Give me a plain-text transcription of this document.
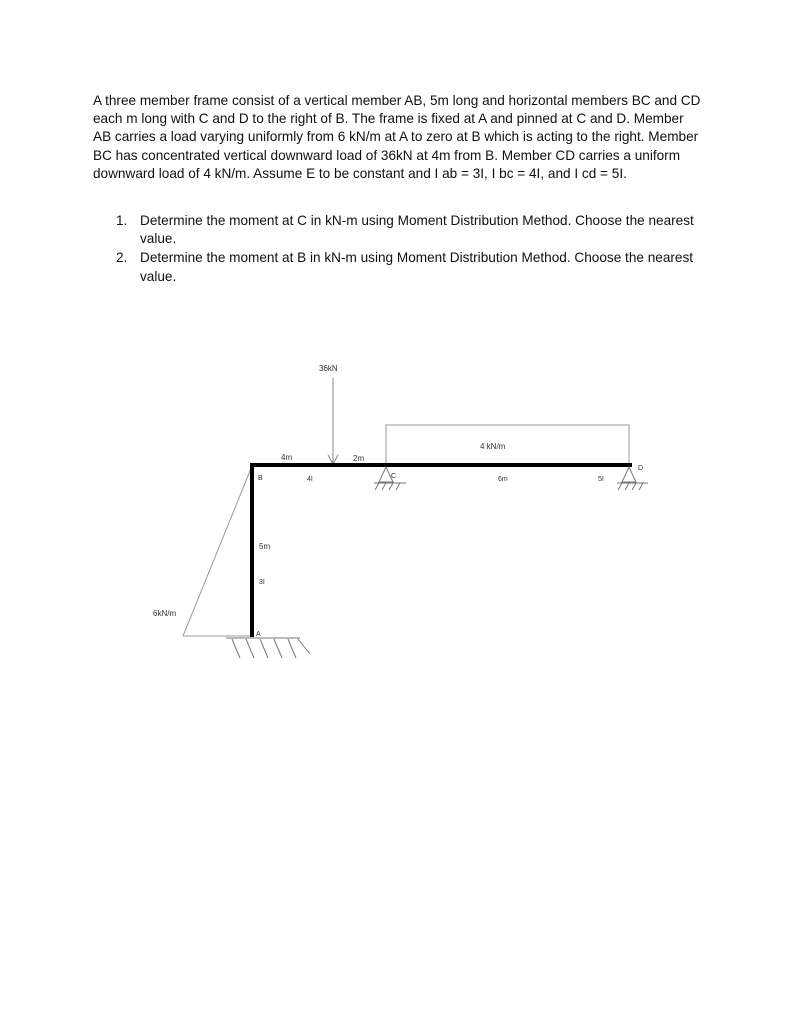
A three member frame consist of a vertical member AB, 5m long and horizontal members BC and CD each m long with C and D to the right of B. The frame is fixed at A and pinned at C and D. Member AB carries a load varying uniformly from 6 kN/m at A to zero at B which is acting to the right. Member BC has concentrated vertical downward load of 36kN at 4m from B. Member CD carries a uniform downward load of 4 kN/m. Assume E to be constant and I ab = 3I, I bc = 4I, and I cd = 5I.

1. Determine the moment at C in kN-m using Moment Distribution Method. Choose the nearest value.
2. Determine the moment at B in kN-m using Moment Distribution Method. Choose the nearest value.
36kN
4 kN/m
4m	2m
4I	6m	5I
5m
3I
6kN/m
B	C
D
A
